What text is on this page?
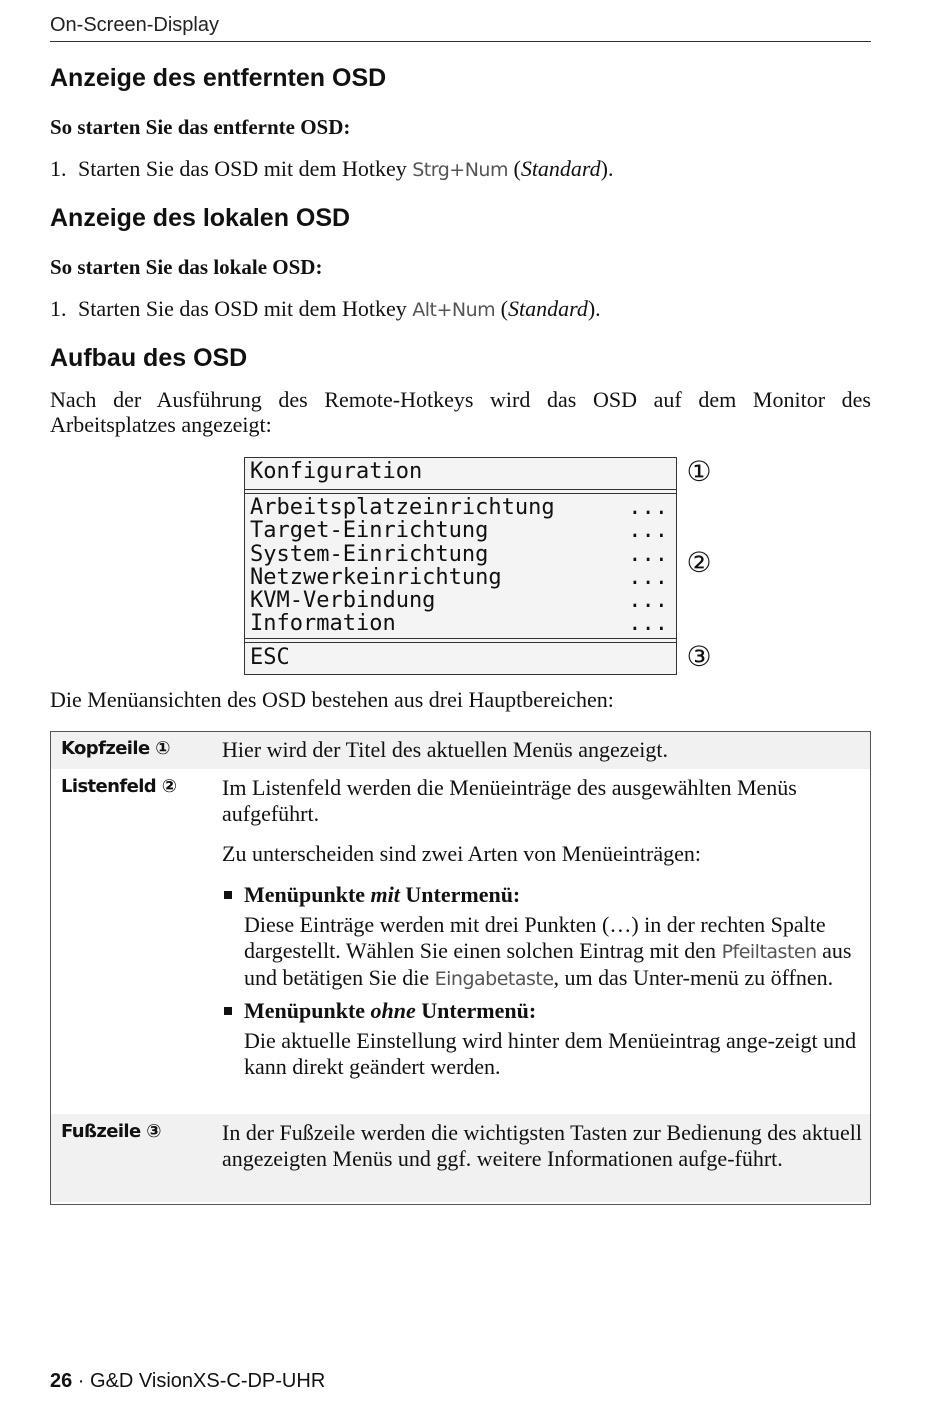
On-Screen-Display
Anzeige des entfernten OSD

So starten Sie das entfernte OSD:

1. Starten Sie das OSD mit dem Hotkey Strg+Num (Standard).

Anzeige des lokalen OSD

So starten Sie das lokale OSD:

1. Starten Sie das OSD mit dem Hotkey Alt+Num (Standard).

Aufbau des OSD

Nach der Ausführung des Remote-Hotkeys wird das OSD auf dem Monitor des Arbeitsplatzes angezeigt:

Konfiguration
Arbeitsplatzeinrichtung	...
Target-Einrichtung	...
System-Einrichtung	...
Netzwerkeinrichtung	...
KVM-Verbindung	...
Information	...
ESC
①
②
③

Die Menüansichten des OSD bestehen aus drei Hauptbereichen:

Kopfzeile ① Hier wird der Titel des aktuellen Menüs angezeigt.
Listenfeld ② Im Listenfeld werden die Menüeinträge des ausgewählten Menüs aufgeführt.
Zu unterscheiden sind zwei Arten von Menüeinträgen:
Menüpunkte mit Untermenü:
Diese Einträge werden mit drei Punkten (…) in der rechten Spalte dargestellt. Wählen Sie einen solchen Eintrag mit den Pfeiltasten aus und betätigen Sie die Eingabetaste, um das Unter-menü zu öffnen.
Menüpunkte ohne Untermenü:
Die aktuelle Einstellung wird hinter dem Menüeintrag ange-zeigt und kann direkt geändert werden.
Fußzeile ③	In der Fußzeile werden die wichtigsten Tasten zur Bedienung des aktuell angezeigten Menüs und ggf. weitere Informationen aufge-führt.
26 · G&D VisionXS-C-DP-UHR
